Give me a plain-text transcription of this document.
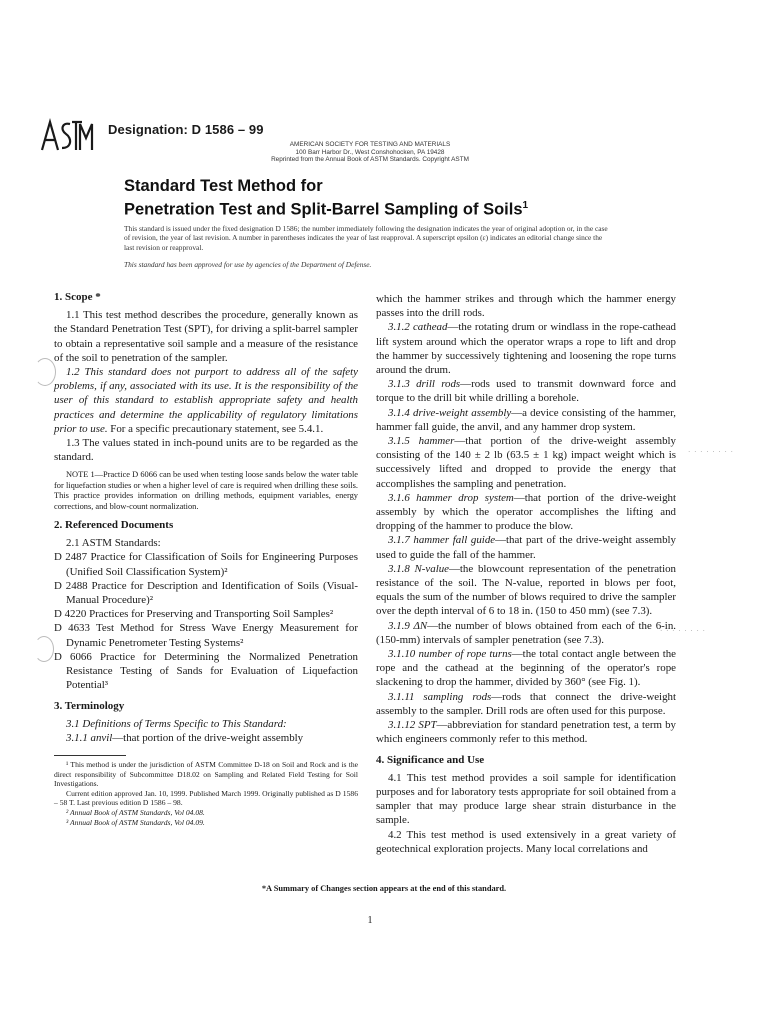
ASTM
Designation: D 1586 – 99
AMERICAN SOCIETY FOR TESTING AND MATERIALS
100 Barr Harbor Dr., West Conshohocken, PA 19428
Reprinted from the Annual Book of ASTM Standards. Copyright ASTM
Standard Test Method for
Penetration Test and Split-Barrel Sampling of Soils$^1$
This standard is issued under the fixed designation D 1586; the number immediately following the designation indicates the year of original adoption or, in the case of revision, the year of last revision. A number in parentheses indicates the year of last reapproval. A superscript epsilon (ε) indicates an editorial change since the last revision or reapproval.
This standard has been approved for use by agencies of the Department of Defense.
· · · · · · · ·
· · · · · · · ·
1. Scope *

1.1 This test method describes the procedure, generally known as the Standard Penetration Test (SPT), for driving a split-barrel sampler to obtain a representative soil sample and a measure of the resistance of the soil to penetration of the sampler.

1.2 This standard does not purport to address all of the safety problems, if any, associated with its use. It is the responsibility of the user of this standard to establish appropriate safety and health practices and determine the applicability of regulatory limitations prior to use. For a specific precautionary statement, see 5.4.1.

1.3 The values stated in inch-pound units are to be regarded as the standard.

NOTE 1—Practice D 6066 can be used when testing loose sands below the water table for liquefaction studies or when a higher level of care is required when drilling these soils. This practice provides information on drilling methods, equipment variables, energy corrections, and blow-count normalization.

2. Referenced Documents

2.1 ASTM Standards:

D 2487 Practice for Classification of Soils for Engineering Purposes (Unified Soil Classification System)²

D 2488 Practice for Description and Identification of Soils (Visual-Manual Procedure)²

D 4220 Practices for Preserving and Transporting Soil Samples²

D 4633 Test Method for Stress Wave Energy Measurement for Dynamic Penetrometer Testing Systems²

D 6066 Practice for Determining the Normalized Penetration Resistance Testing of Sands for Evaluation of Liquefaction Potential³

3. Terminology

3.1 Definitions of Terms Specific to This Standard:

3.1.1 anvil—that portion of the drive-weight assembly

¹ This method is under the jurisdiction of ASTM Committee D-18 on Soil and Rock and is the direct responsibility of Subcommittee D18.02 on Sampling and Related Field Testing for Soil Investigations.

Current edition approved Jan. 10, 1999. Published March 1999. Originally published as D 1586 – 58 T. Last previous edition D 1586 – 98.

² Annual Book of ASTM Standards, Vol 04.08.

³ Annual Book of ASTM Standards, Vol 04.09.

which the hammer strikes and through which the hammer energy passes into the drill rods.

3.1.2 cathead—the rotating drum or windlass in the rope-cathead lift system around which the operator wraps a rope to lift and drop the hammer by successively tightening and loosening the rope turns around the drum.

3.1.3 drill rods—rods used to transmit downward force and torque to the drill bit while drilling a borehole.

3.1.4 drive-weight assembly—a device consisting of the hammer, hammer fall guide, the anvil, and any hammer drop system.

3.1.5 hammer—that portion of the drive-weight assembly consisting of the 140 ± 2 lb (63.5 ± 1 kg) impact weight which is successively lifted and dropped to provide the energy that accomplishes the sampling and penetration.

3.1.6 hammer drop system—that portion of the drive-weight assembly by which the operator accomplishes the lifting and dropping of the hammer to produce the blow.

3.1.7 hammer fall guide—that part of the drive-weight assembly used to guide the fall of the hammer.

3.1.8 N-value—the blowcount representation of the penetration resistance of the soil. The N-value, reported in blows per foot, equals the sum of the number of blows required to drive the sampler over the depth interval of 6 to 18 in. (150 to 450 mm) (see 7.3).

3.1.9 ΔN—the number of blows obtained from each of the 6-in. (150-mm) intervals of sampler penetration (see 7.3).

3.1.10 number of rope turns—the total contact angle between the rope and the cathead at the beginning of the operator's rope slackening to drop the hammer, divided by 360° (see Fig. 1).

3.1.11 sampling rods—rods that connect the drive-weight assembly to the sampler. Drill rods are often used for this purpose.

3.1.12 SPT—abbreviation for standard penetration test, a term by which engineers commonly refer to this method.

4. Significance and Use

4.1 This test method provides a soil sample for identification purposes and for laboratory tests appropriate for soil obtained from a sampler that may produce large shear strain disturbance in the sample.

4.2 This test method is used extensively in a great variety of geotechnical exploration projects. Many local correlations and

*A Summary of Changes section appears at the end of this standard.
1
